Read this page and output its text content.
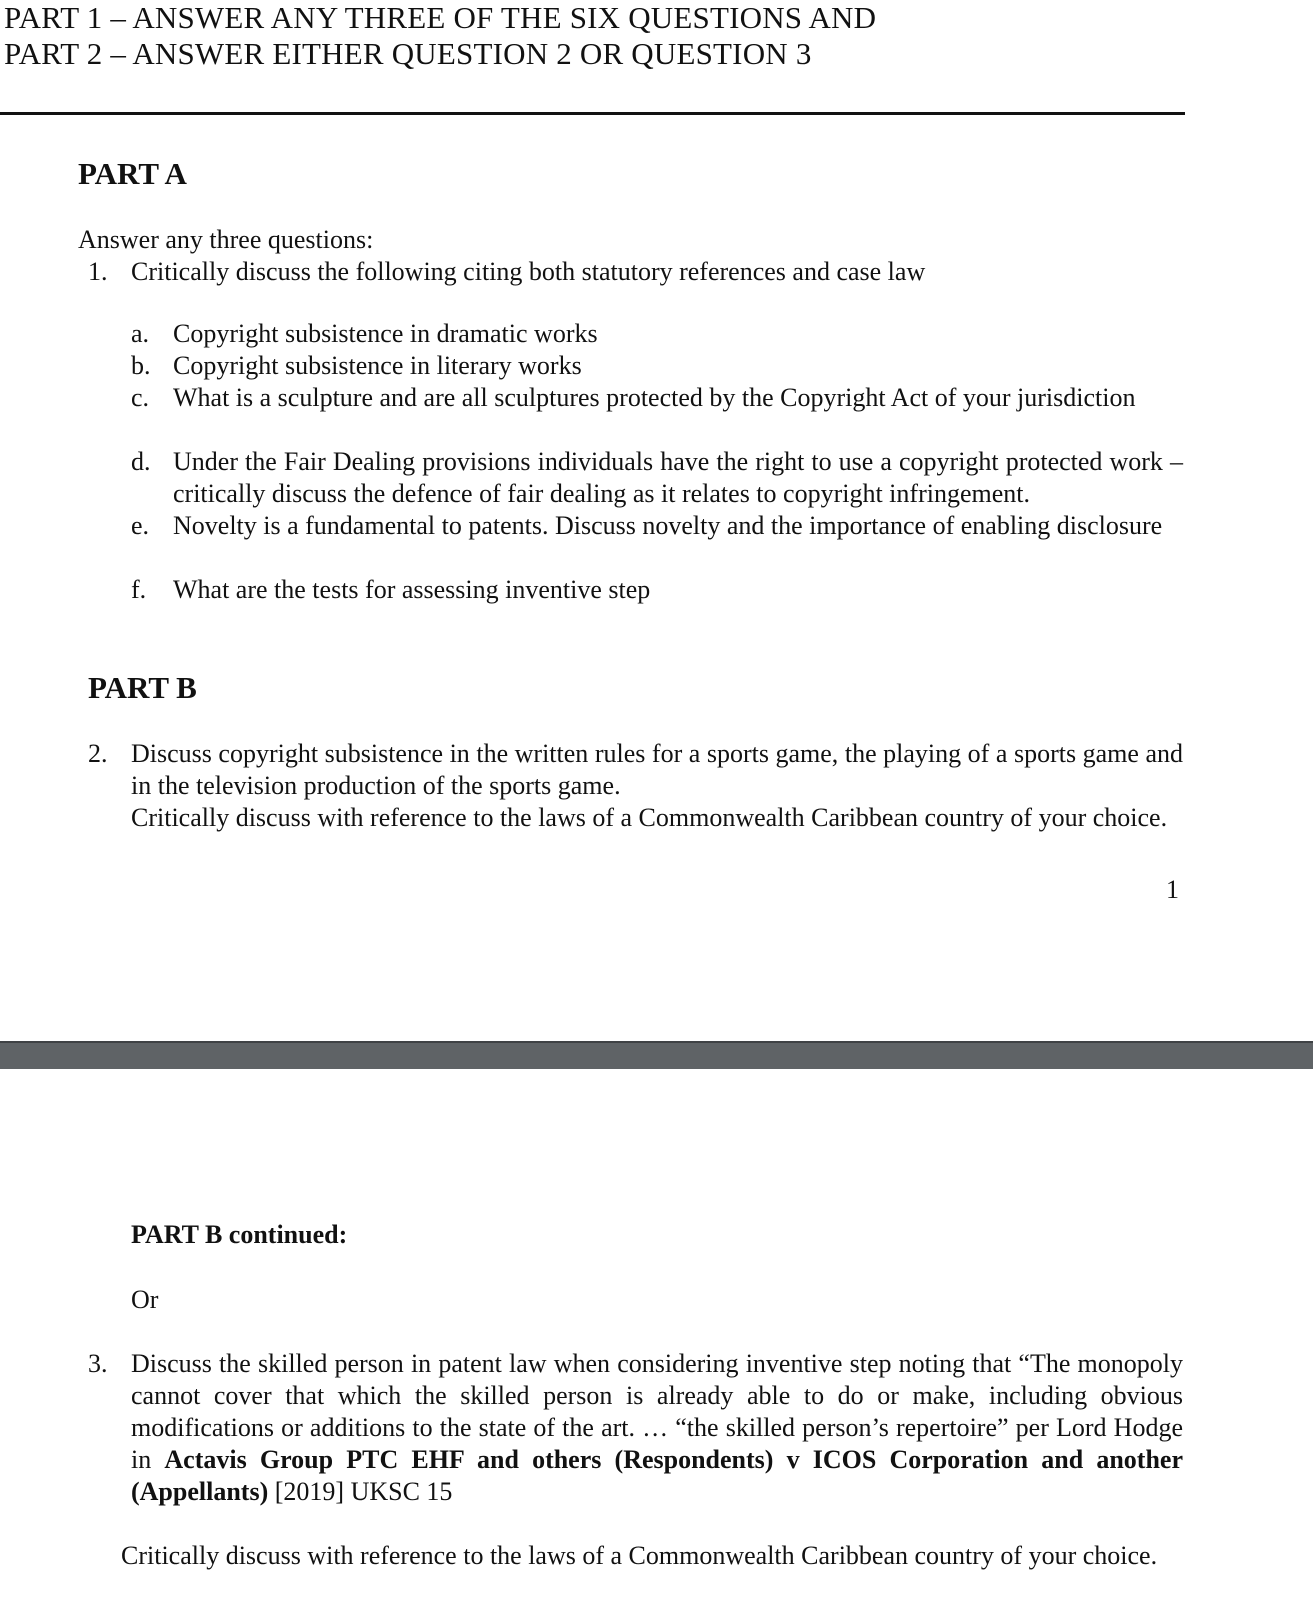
PART 1 – ANSWER ANY THREE OF THE SIX QUESTIONS AND
PART 2 – ANSWER EITHER QUESTION 2 OR QUESTION 3
PART A
Answer any three questions:
1. Critically discuss the following citing both statutory references and case law
a. Copyright subsistence in dramatic works
b. Copyright subsistence in literary works
c. What is a sculpture and are all sculptures protected by the Copyright Act of your jurisdiction
d. Under the Fair Dealing provisions individuals have the right to use a copyright protected work – critically discuss the defence of fair dealing as it relates to copyright infringement.
e. Novelty is a fundamental to patents. Discuss novelty and the importance of enabling disclosure
f. What are the tests for assessing inventive step
PART B
2. Discuss copyright subsistence in the written rules for a sports game, the playing of a sports game and in the television production of the sports game.
Critically discuss with reference to the laws of a Commonwealth Caribbean country of your choice.
1
PART B continued:
Or
3. Discuss the skilled person in patent law when considering inventive step noting that “The monopoly cannot cover that which the skilled person is already able to do or make, including obvious modifications or additions to the state of the art. … “the skilled person’s repertoire” per Lord Hodge in Actavis Group PTC EHF and others (Respondents) v ICOS Corporation and another (Appellants) [2019] UKSC 15
Critically discuss with reference to the laws of a Commonwealth Caribbean country of your choice.
